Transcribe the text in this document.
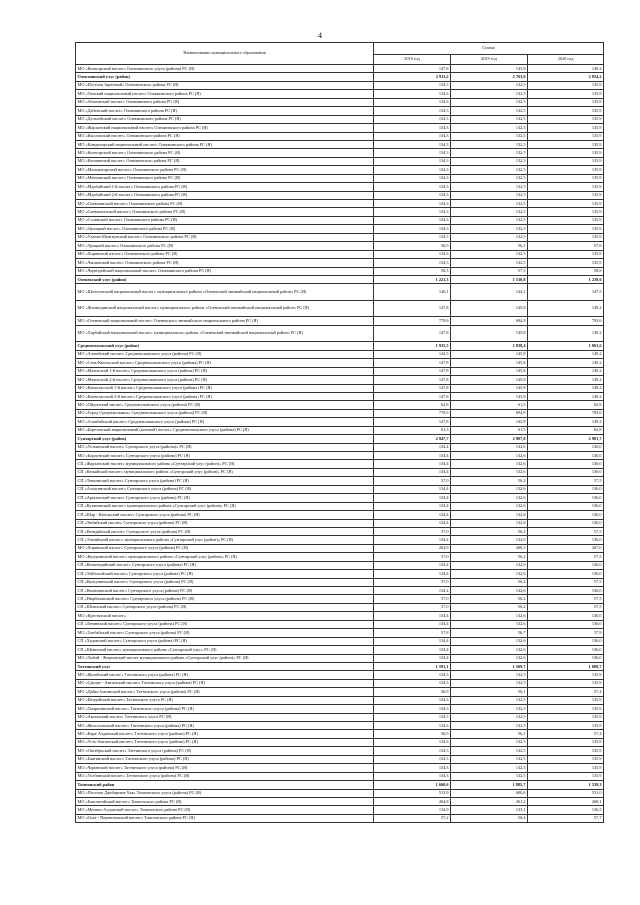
4
Наименование муниципального образования	Сумма		
	2018 год	2019 год	2020 год
МО «Кочегарский наслег» Олекминского улуса (района) РС (Я)	147,8	145,8	149,2
Олекминский улус (район)	2 911,2	2 763,6	2 854,2
МО «Поселок Заречный» Олекминского района РС (Я)	134,3	132,5	135,9
МО «Тинский национальный наслег» Олекминского района РС (Я)	134,3	132,5	135,9
МО «Абагинский наслег» Олекминского района РС (Я)	134,3	132,5	135,9
МО «Дабанский наслег» Олекминского района РС (Я)	134,3	132,5	135,9
МО «Дельгейский наслег» Олекминского района РС (Я)	134,3	132,5	135,9
МО «Жарханский национальный наслег» Олекминского района РС (Я)	134,3	132,5	135,9
МО «Кыллахский наслег» Олекминского района РС (Я)	134,3	132,5	135,9
МО «Киндигирский национальный наслег» Олекминского района РС (Я)	134,3	132,5	135,9
МО «Кочегарский наслег» Олекминского района РС (Я)	134,3	132,5	135,9
МО «Кяччинский наслег» Олекминского района РС (Я)	134,3	132,5	135,9
МО «Мальжагарский наслег» Олекминского района РС (Я)	134,3	132,5	135,9
МО «Маччинский наслег» Олекминского района РС (Я)	134,3	132,5	135,9
МО «Мурбайский 1-й наслег» Олекминского района РС (Я)	134,3	132,5	135,9
МО «Мурбайский 2-й наслег» Олекминского района РС (Я)	134,3	132,5	135,9
МО «Олекминский наслег» Олекминского района РС (Я)	134,3	132,5	135,9
МО «Саныяхтатский наслег» Олекминского района РС (Я)	134,3	132,5	135,9
МО «Солянский наслег» Олекминского района РС (Я)	134,3	132,5	135,9
МО «Троицкий наслег» Олекминского района РС (Я)	134,3	132,5	135,9
МО «Улахан-Мунгкунский наслег» Олекминского района РС (Я)	134,3	132,5	135,9
МО «Урицкий наслег» Олекминского района РС (Я)	56,9	56,1	57,6
МО «Хоринский наслег» Олекминского района РС (Я)	134,3	132,5	135,9
МО «Чапаевский наслег» Олекминского района РС (Я)	134,3	132,5	135,9
МО «Черендейский национальный наслег» Олекминского района РС (Я)	58,3	57,5	58,8
Оленекский улус (район)	1 221,3	1 130,8	1 239,6
МО «Шологонский национальный наслег» муниципального района «Оленекский эвенкийский национальный район» РС (Я)	146,1	144,1	147,5
МО «Жилиндинский национальный наслег» муниципального района «Оленекский эвенкийский национальный район» РС (Я)	147,8	145,8	149,2
МО «Оленекский национальный наслег» Оленекского эвенкийского национального района РС (Я)	779,6	694,8	793,6
МО «Харбайский национальный наслег» муниципального района «Оленекский эвенкийский национальный район» РС (Я)	147,8	145,8	149,2
Среднеколымский улус (район)	1 935,5	1 838,4	1 963,6
МО «Алазейский наслег» Среднеколымского улуса (района) РС (Я)	144,5	145,8	149,2
МО «Сень-Кюельский наслег» Среднеколымского улуса (района) РС (Я)	147,8	145,8	149,2
МО «Мятисский 1-й наслег» Среднеколымского улуса (района) РС (Я)	147,8	145,8	149,2
МО «Мятисский 2-й наслег» Среднеколымского улуса (района) РС (Я)	147,8	145,8	149,2
МО «Кангаласский 1-й наслег» Среднеколымского улуса (района) РС (Я)	147,8	145,8	149,2
МО «Кангаласский 2-й наслег» Среднеколымского улуса (района) РС (Я)	147,8	145,8	149,2
МО «Ойдонский наслег» Среднеколымского улуса (района) РС (Я)	62,8	61,5	62,8
МО «Город Среднеколымск» Среднеколымского улуса (района) РС (Я)	770,6	694,8	793,6
МО «Аланбайский наслег» Среднеколымского улуса (района) РС (Я)	147,8	145,8	149,2
МО «Березовский национальный (кочевой) наслег» Среднеколымского улуса (района) РС (Я)	61,3	61,5	62,8
Сунтарский улус (район)	2 947,7	2 907,8	2 981,7
МО «Устьинский наслег» Сунтарского улуса (района)» РС (Я)	134,4	132,6	136,0
МО «Бордонский наслег» Сунтарского улуса (района) РС (Я)	134,4	132,6	136,0
СП «Жарханский наслег» муниципального района «Сунтарский улус (район)» РС (Я)	134,4	132,6	136,0
СП «Кюкяйский наслег» муниципального района «Сунтарский улус (район)» РС (Я)	134,4	132,6	136,0
СП «Тенкинский наслег» Сунтарского улуса (района) РС (Я)	57,0	56,2	57,5
СП «Аллагинский наслег» Сунтарского улуса (района) РС (Я)	134,4	132,6	136,0
СП «Арылахский наслег» Сунтарского улуса (района) РС (Я)	134,4	132,6	136,0
СП «Кутанинский наслег» муниципального района «Сунтарский улус (район)» РС (Я)	134,4	132,6	136,0
СП «Шар - Кюельский наслег» Сунтарского улуса (района) РС (Я)	134,4	132,6	136,0
СП «Тюбяйский наслег» Сунтарского улуса (района) РС (Я)	134,4	132,6	136,0
СП «Кюндяйский наслег» Сунтарского улуса (района) РС (Я)	57,0	56,2	57,5
СП «Эльгяйский наслег» муниципального района «Сунтарский улус (район)» РС (Я)	134,4	132,6	136,0
МО «Хоринский наслег» Сунтарского улуса (района) РС (Я)	263,9	260,3	267,0
МО «Кундеинский наслег» муниципального района «Сунтарский улус (район)» РС (Я)	57,0	56,2	57,5
СП «Кемпендяйский наслег» Сунтарского улуса (района) РС (Я)	134,4	132,6	136,0
СП «Тойбохойский наслег» Сунтарского улуса (района) РС (Я)	134,4	132,6	136,0
СП «Куокунинский наслег» Сунтарского улуса (района) РС (Я)	57,0	56,2	57,5
СП «Вилючанский наслег» Сунтарского улуса (района) РС (Я)	134,4	132,6	136,0
СП «Нюрбачанский наслег» Сунтарского улуса (района) РС (Я)	57,0	56,2	57,5
СП «Шеинский наслег» Сунтарского улуса (района) РС (Я)	57,0	56,2	57,5
МО «Крестяхский наслег»	134,4	132,6	136,0
СП «Ленинский наслег» Сунтарского улуса (района) РС (Я)	134,4	132,6	136,0
МО «Таобайский наслег» Сунтарского улуса (района) РС (Я)	57,8	56,7	57,9
СП «Хаданский наслег» Сунтарского улуса (района) РС (Я)	134,4	132,6	136,0
СП «Шеинский наслег» муниципального района «Сунтарский улус» РС (Я)	134,4	132,6	136,0
МО «Тыбай - Жарханский наслег муниципального района «Сунтарский улус (район)» РС (Я)	134,4	132,6	136,0
Таттинский улус	1 591,1	1 569,7	1 608,7
МО «Жулейский наслег» Таттинского улуса (района) РС (Я)	134,3	132,5	135,9
МО «Средне - Амгинский наслег» Таттинского улуса (района) РС (Я)	134,3	132,5	135,9
МО «Дайы-Амгинский наслег» Таттинского улуса (района) РС (Я)	56,9	56,1	57,4
МО «Игидейский наслег» Таттинского улуса РС (Я)	134,3	132,5	135,9
МО «Тыарасинский наслег» Таттинского улуса (района) РС (Я)	134,3	132,5	135,9
МО «Амгинский наслег» Таттинского улуса РС (Я)	134,3	132,5	135,9
МО «Жохсогонский наслег» Таттинского улуса (района) РС (Я)	134,3	132,5	135,9
МО «Кара-Алданский наслег» Таттинского улуса (района) РС (Я)	56,9	56,1	57,4
МО «Усть-Амгинский наслег» Таттинского улуса (района) РС (Я)	134,3	132,5	135,9
МО «Октябрьский наслег» Таттинского улуса (района) РС (Я)	134,3	132,5	135,9
МО «Баягинский наслег» Таттинского улуса (района) РС (Я)	134,3	132,5	135,9
МО «Чаринский наслег» Таттинского улуса (района) РС (Я)	134,3	132,5	135,9
МО «Уолбинский наслег» Таттинского улуса (района) РС (Я)	134,3	132,5	135,9
Томпонский район	1 660,6	1 885,7	1 539,3
МО «Поселок Джебарики-Хая» Томпонского улуса (района) РС (Я)	513,9	600,6	531,0
МО «Баягантайский наслег» Томпонского района РС (Я)	264,8	261,2	268,1
МО «Мегино-Алданский наслег» Томпонского района РС (Я)	134,9	133,1	136,5
МО «Охот - Перевозовский наслег» Томпонского района РС (Я)	57,2	56,4	57,7
